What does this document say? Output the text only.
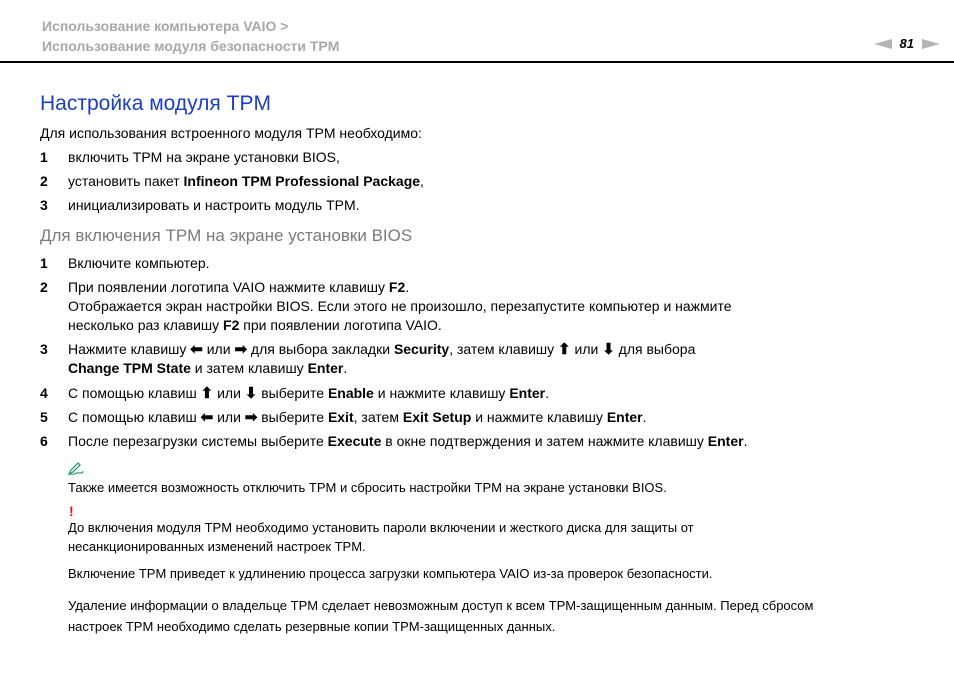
Использование компьютера VAIO >
Использование модуля безопасности TPM	81
Настройка модуля TPM
Для использования встроенного модуля TPM необходимо:
1	включить TPM на экране установки BIOS,
2	установить пакет Infineon TPM Professional Package,
3	инициализировать и настроить модуль TPM.
Для включения TPM на экране установки BIOS
1	Включите компьютер.
2	При появлении логотипа VAIO нажмите клавишу F2.
Отображается экран настройки BIOS. Если этого не произошло, перезапустите компьютер и нажмите
несколько раз клавишу F2 при появлении логотипа VAIO.
3	Нажмите клавишу ⬅ или ➡ для выбора закладки Security, затем клавишу ⬆ или ⬇ для выбора
Change TPM State и затем клавишу Enter.
4	С помощью клавиш ⬆ или ⬇ выберите Enable и нажмите клавишу Enter.
5	С помощью клавиш ⬅ или ➡ выберите Exit, затем Exit Setup и нажмите клавишу Enter.
6	После перезагрузки системы выберите Execute в окне подтверждения и затем нажмите клавишу Enter.
Также имеется возможность отключить TPM и сбросить настройки TPM на экране установки BIOS.
!
До включения модуля TPM необходимо установить пароли включении и жесткого диска для защиты от
несанкционированных изменений настроек TPM.
Включение TPM приведет к удлинению процесса загрузки компьютера VAIO из-за проверок безопасности.
Удаление информации о владельце TPM сделает невозможным доступ к всем TPM-защищенным данным. Перед сбросом
настроек TPM необходимо сделать резервные копии TPM-защищенных данных.
